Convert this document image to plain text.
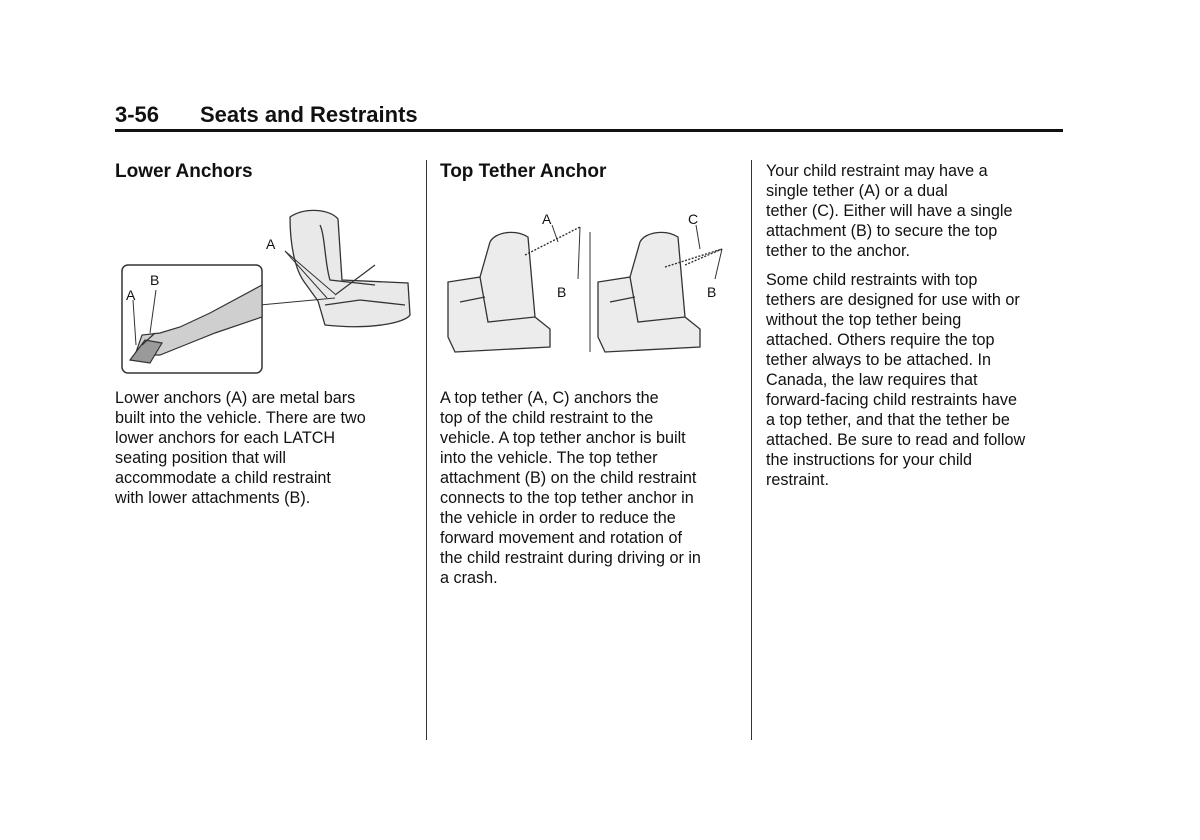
3-56 Seats and Restraints
Lower Anchors
A
B
A

Lower anchors (A) are metal bars
built into the vehicle. There are two
lower anchors for each LATCH
seating position that will
accommodate a child restraint
with lower attachments (B).

Top Tether Anchor
A
B
C
B

A top tether (A, C) anchors the
top of the child restraint to the
vehicle. A top tether anchor is built
into the vehicle. The top tether
attachment (B) on the child restraint
connects to the top tether anchor in
the vehicle in order to reduce the
forward movement and rotation of
the child restraint during driving or in
a crash.

Your child restraint may have a
single tether (A) or a dual
tether (C). Either will have a single
attachment (B) to secure the top
tether to the anchor.

Some child restraints with top
tethers are designed for use with or
without the top tether being
attached. Others require the top
tether always to be attached. In
Canada, the law requires that
forward-facing child restraints have
a top tether, and that the tether be
attached. Be sure to read and follow
the instructions for your child
restraint.
